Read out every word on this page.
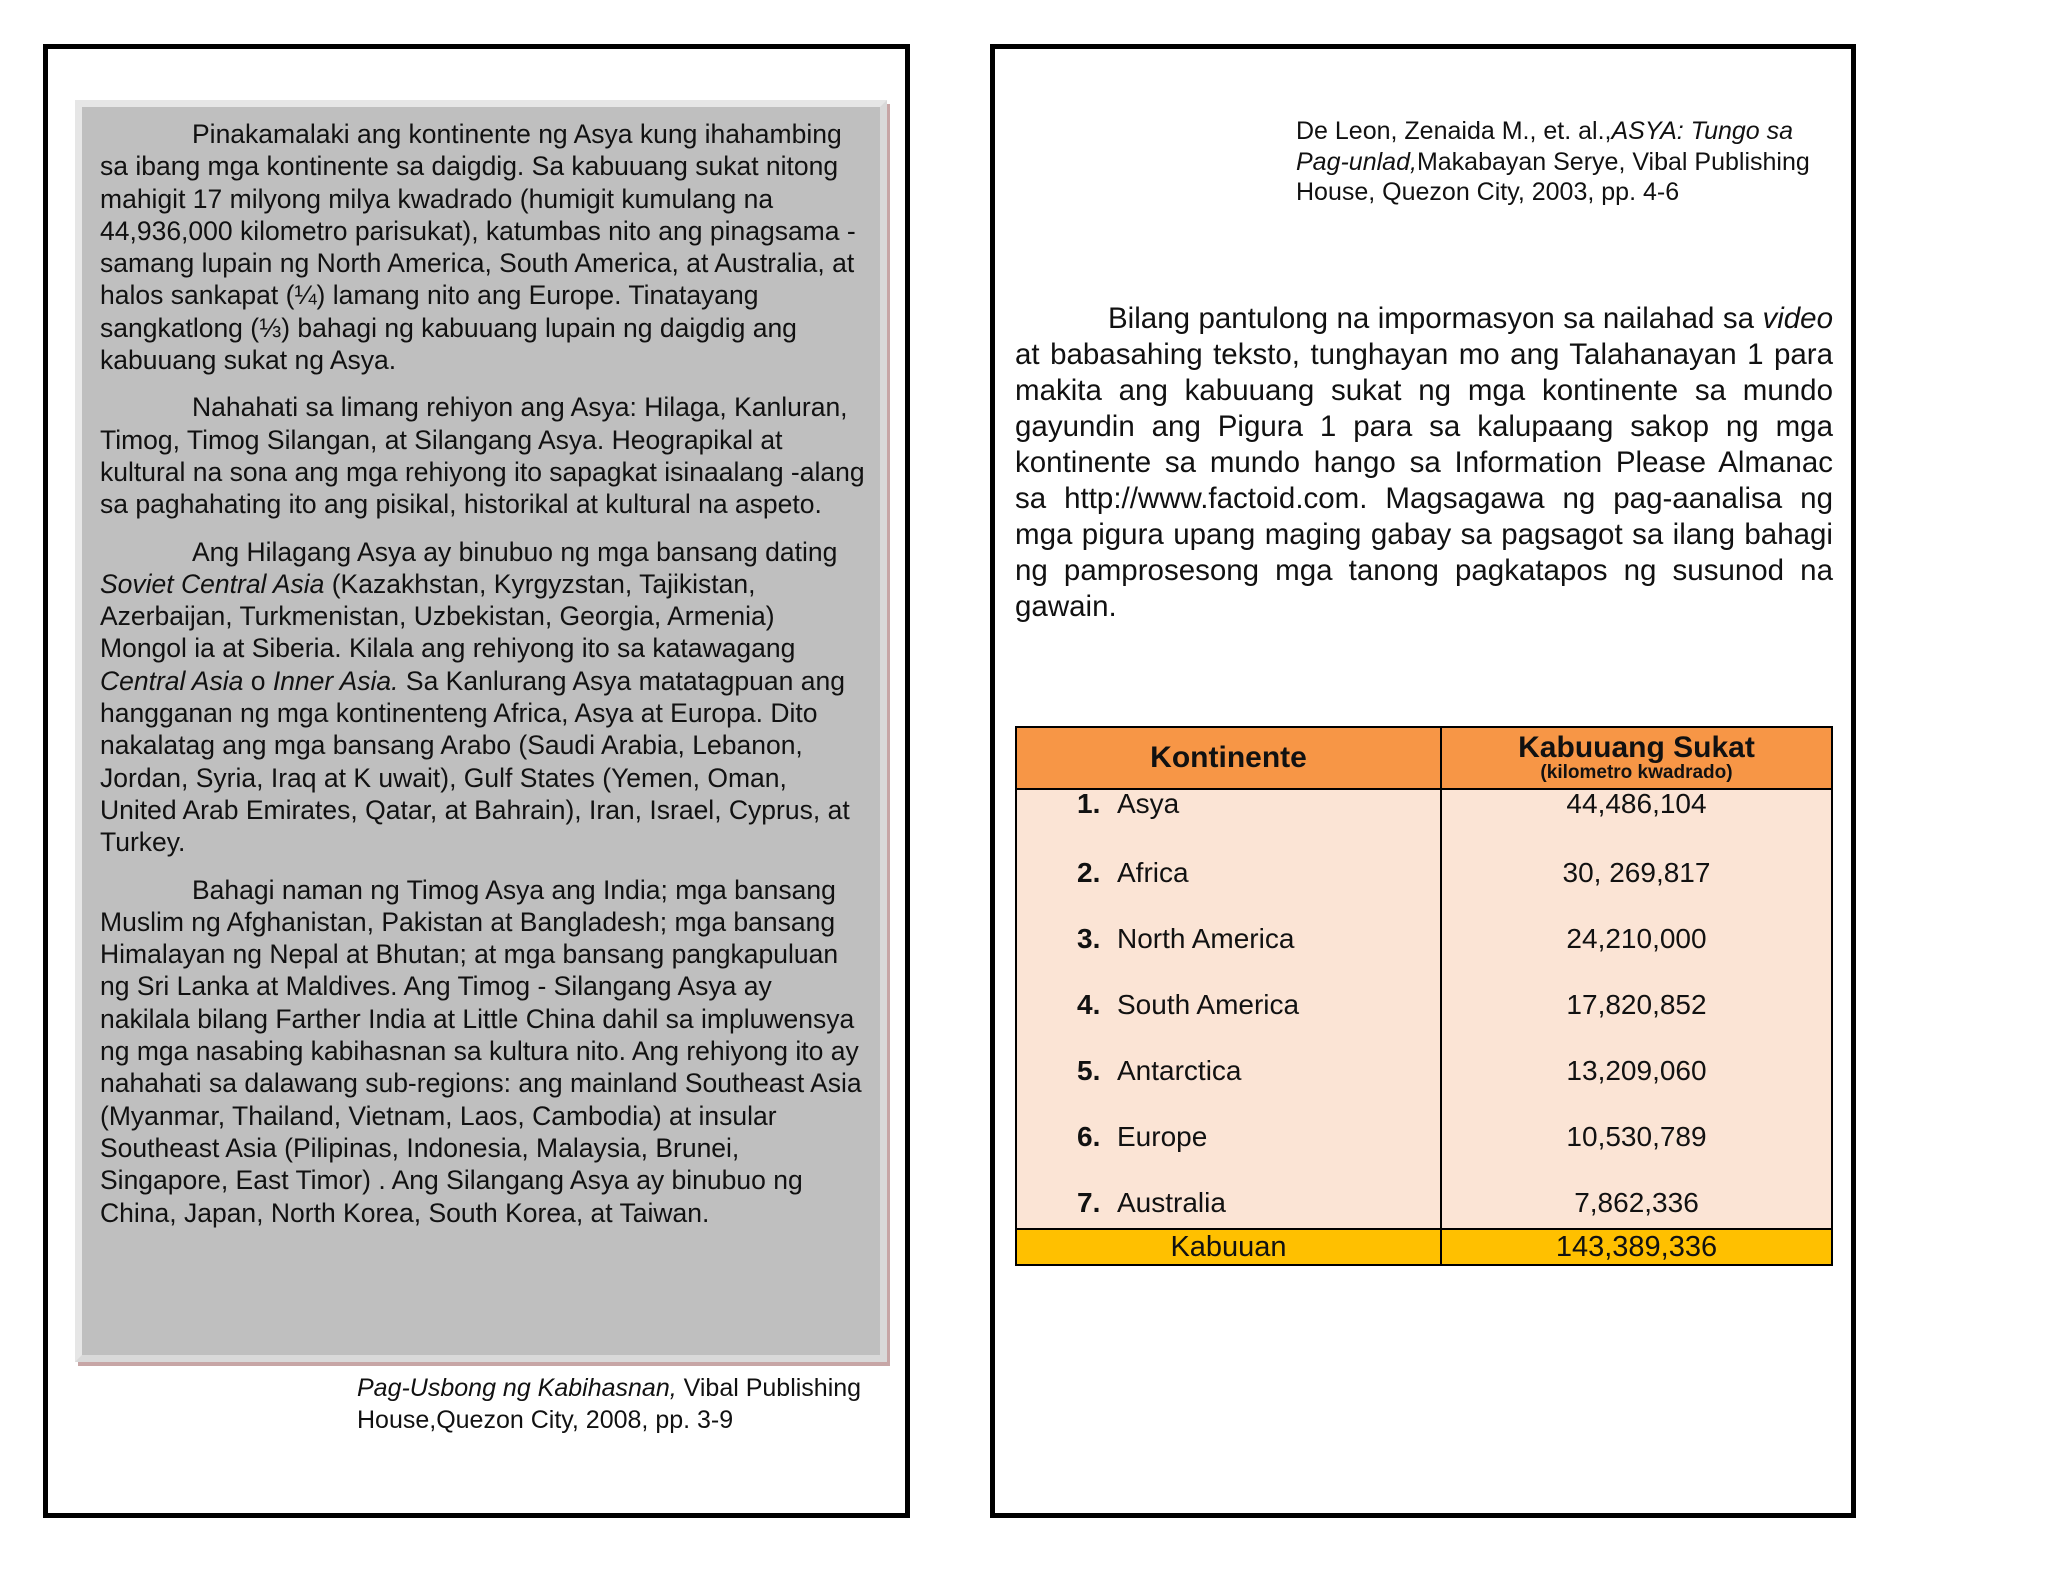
Pinakamalaki ang kontinente ng Asya kung ihahambing sa ibang mga kontinente sa daigdig. Sa kabuuang sukat nitong mahigit 17 milyong milya kwadrado (humigit kumulang na 44,936,000 kilometro parisukat), katumbas nito ang pinagsama -samang lupain ng North America, South America, at Australia, at halos sankapat (¼) lamang nito ang Europe. Tinatayang sangkatlong (⅓) bahagi ng kabuuang lupain ng daigdig ang kabuuang sukat ng Asya.

Nahahati sa limang rehiyon ang Asya: Hilaga, Kanluran, Timog, Timog Silangan, at Silangang Asya. Heograpikal at kultural na sona ang mga rehiyong ito sapagkat isinaalang -alang sa paghahating ito ang pisikal, historikal at kultural na aspeto.

Ang Hilagang Asya ay binubuo ng mga bansang dating Soviet Central Asia (Kazakhstan, Kyrgyzstan, Tajikistan, Azerbaijan, Turkmenistan, Uzbekistan, Georgia, Armenia) Mongol ia at Siberia. Kilala ang rehiyong ito sa katawagang Central Asia o Inner Asia. Sa Kanlurang Asya matatagpuan ang hangganan ng mga kontinenteng Africa, Asya at Europa. Dito nakalatag ang mga bansang Arabo (Saudi Arabia, Lebanon, Jordan, Syria, Iraq at K uwait), Gulf States (Yemen, Oman, United Arab Emirates, Qatar, at Bahrain), Iran, Israel, Cyprus, at Turkey.

Bahagi naman ng Timog Asya ang India; mga bansang Muslim ng Afghanistan, Pakistan at Bangladesh; mga bansang Himalayan ng Nepal at Bhutan; at mga bansang pangkapuluan ng Sri Lanka at Maldives. Ang Timog - Silangang Asya ay nakilala bilang Farther India at Little China dahil sa impluwensya ng mga nasabing kabihasnan sa kultura nito. Ang rehiyong ito ay nahahati sa dalawang sub-regions: ang mainland Southeast Asia (Myanmar, Thailand, Vietnam, Laos, Cambodia) at insular Southeast Asia (Pilipinas, Indonesia, Malaysia, Brunei, Singapore, East Timor) . Ang Silangang Asya ay binubuo ng China, Japan, North Korea, South Korea, at Taiwan.

Pag-Usbong ng Kabihasnan, Vibal Publishing House,Quezon City, 2008, pp. 3-9
De Leon, Zenaida M., et. al.,ASYA: Tungo sa Pag-unlad,Makabayan Serye, Vibal Publishing House, Quezon City, 2003, pp. 4-6

Bilang pantulong na impormasyon sa nailahad sa video at babasahing teksto, tunghayan mo ang Talahanayan 1 para makita ang kabuuang sukat ng mga kontinente sa mundo gayundin ang Pigura 1 para sa kalupaang sakop ng mga kontinente sa mundo hango sa Information Please Almanac sa http://www.factoid.com. Magsagawa ng pag-aanalisa ng mga pigura upang maging gabay sa pagsagot sa ilang bahagi ng pamprosesong mga tanong pagkatapos ng susunod na gawain.

Kontinente	Kabuuang Sukat
(kilometro kwadrado)

1. Asya	44,486,104

2. Africa	30, 269,817

3. North America	24,210,000

4. South America	17,820,852

5. Antarctica	13,209,060

6. Europe	10,530,789

7. Australia	7,862,336

Kabuuan	143,389,336
